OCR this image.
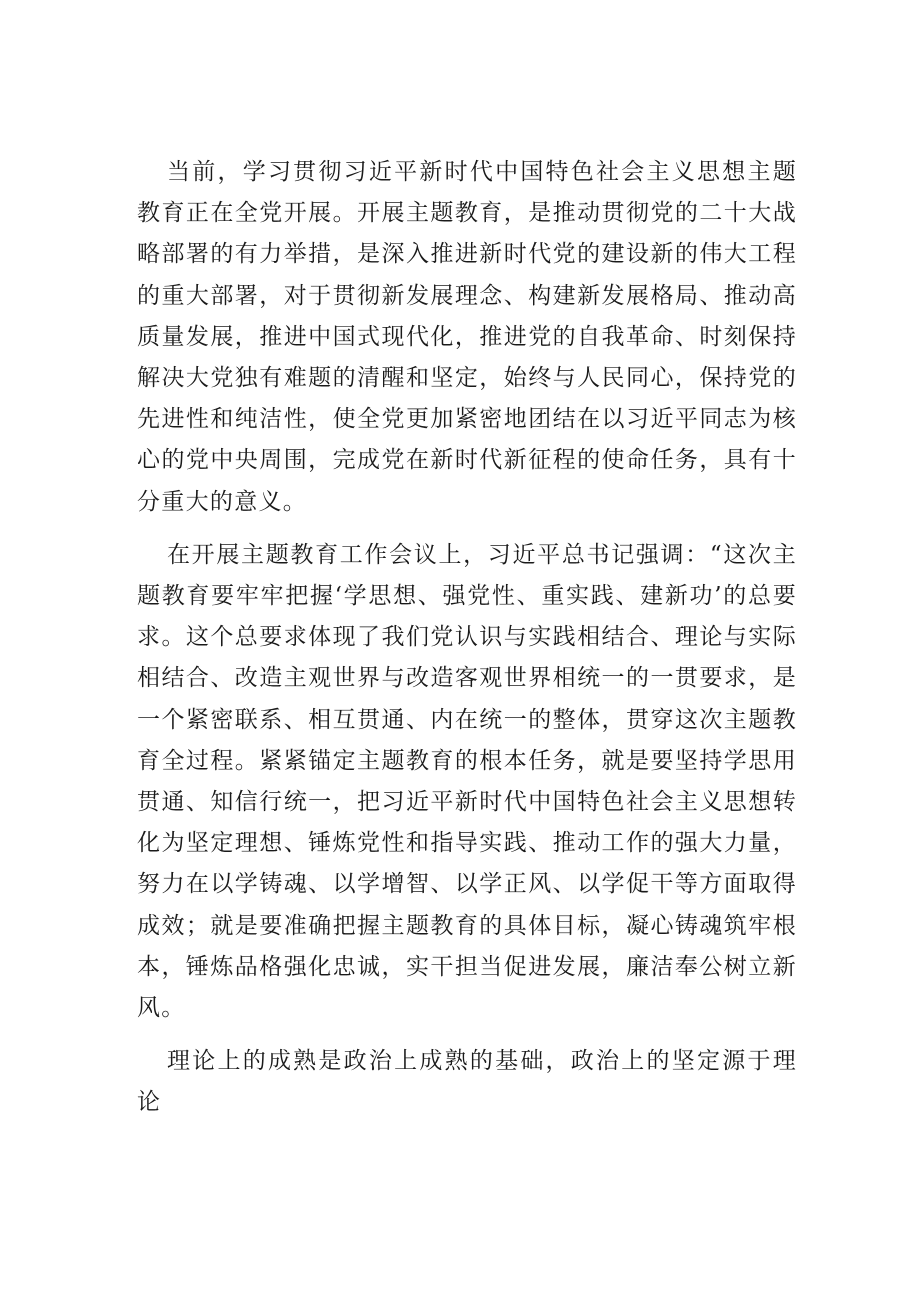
当前，学习贯彻习近平新时代中国特色社会主义思想主题教育正在全党开展。开展主题教育，是推动贯彻党的二十大战略部署的有力举措，是深入推进新时代党的建设新的伟大工程的重大部署，对于贯彻新发展理念、构建新发展格局、推动高质量发展，推进中国式现代化，推进党的自我革命、时刻保持解决大党独有难题的清醒和坚定，始终与人民同心，保持党的先进性和纯洁性，使全党更加紧密地团结在以习近平同志为核心的党中央周围，完成党在新时代新征程的使命任务，具有十分重大的意义。

在开展主题教育工作会议上，习近平总书记强调：“这次主题教育要牢牢把握‘学思想、强党性、重实践、建新功’的总要求。这个总要求体现了我们党认识与实践相结合、理论与实际相结合、改造主观世界与改造客观世界相统一的一贯要求，是一个紧密联系、相互贯通、内在统一的整体，贯穿这次主题教育全过程。紧紧锚定主题教育的根本任务，就是要坚持学思用贯通、知信行统一，把习近平新时代中国特色社会主义思想转化为坚定理想、锤炼党性和指导实践、推动工作的强大力量，努力在以学铸魂、以学增智、以学正风、以学促干等方面取得成效；就是要准确把握主题教育的具体目标，凝心铸魂筑牢根本，锤炼品格强化忠诚，实干担当促进发展，廉洁奉公树立新风。

理论上的成熟是政治上成熟的基础，政治上的坚定源于理论
